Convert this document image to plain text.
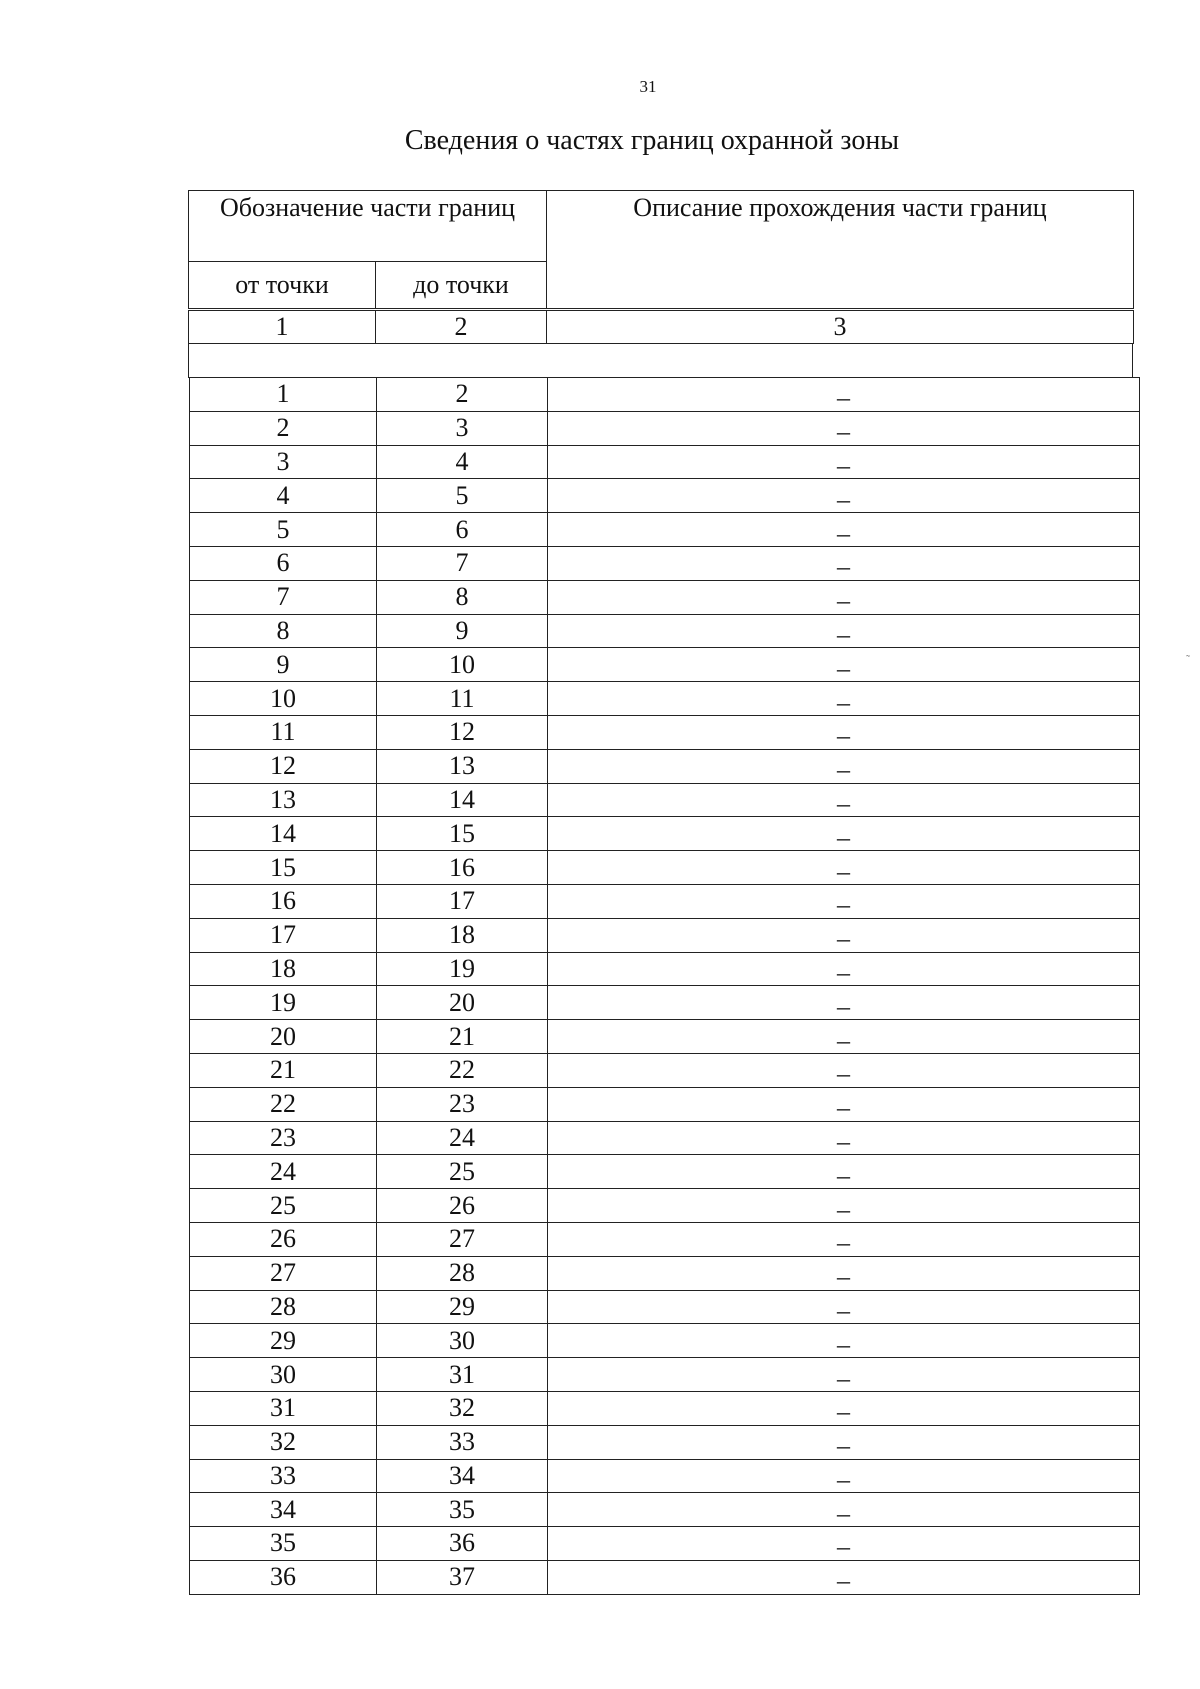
31
Сведения о частях границ охранной зоны
Обозначение части границ		Описание прохождения части границ
от точки	до точки	
1	2	3
1	2	–
2	3	–
3	4	–
4	5	–
5	6	–
6	7	–
7	8	–
8	9	–
9	10	–
10	11	–
11	12	–
12	13	–
13	14	–
14	15	–
15	16	–
16	17	–
17	18	–
18	19	–
19	20	–
20	21	–
21	22	–
22	23	–
23	24	–
24	25	–
25	26	–
26	27	–
27	28	–
28	29	–
29	30	–
30	31	–
31	32	–
32	33	–
33	34	–
34	35	–
35	36	–
36	37	–
˜
